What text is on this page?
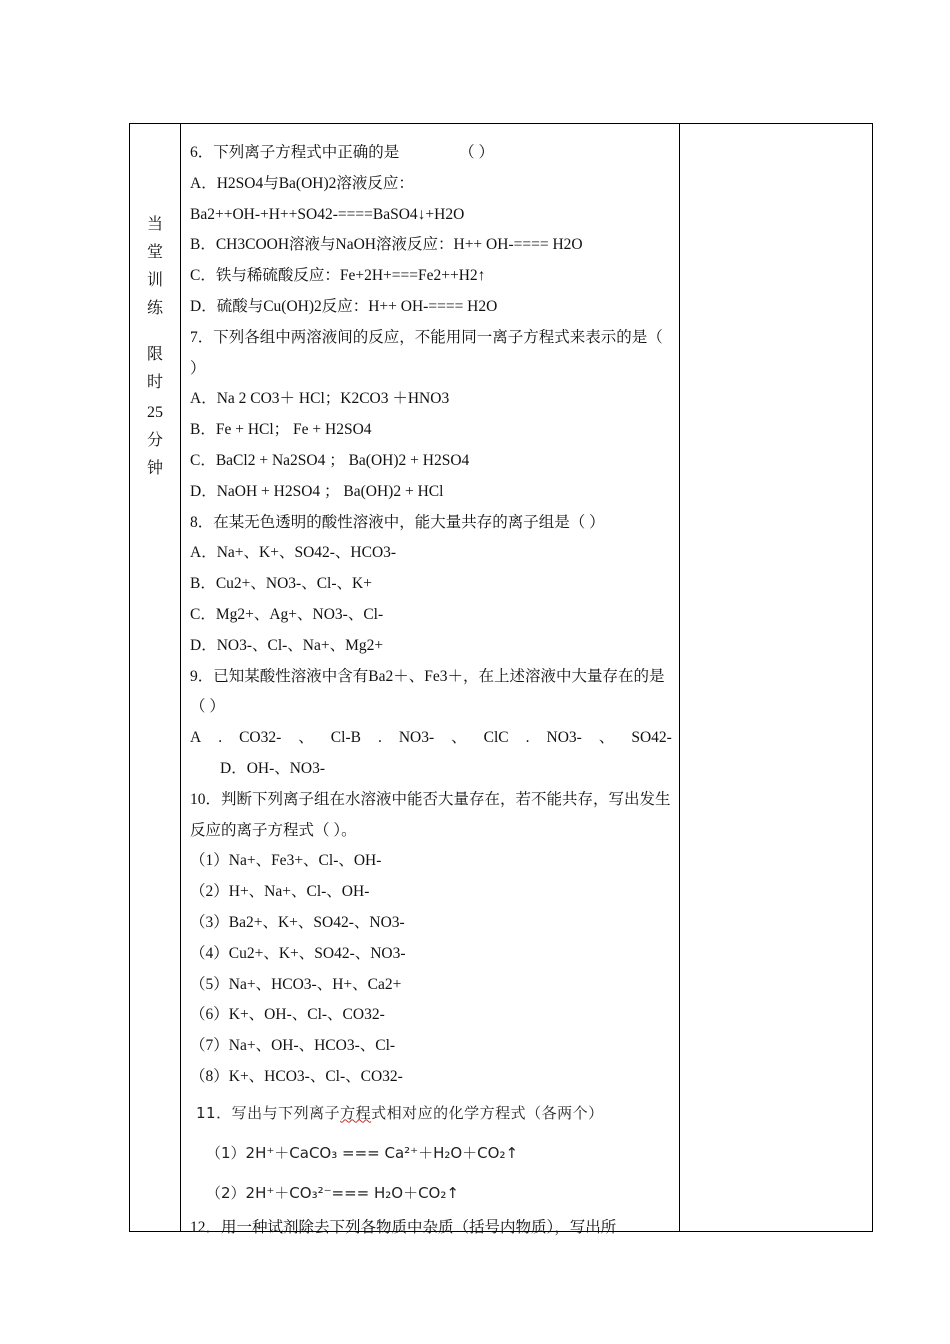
当
堂
训
练
限
时
25
分
钟
6．下列离子方程式中正确的是	（ ）
A．H2SO4与Ba(OH)2溶液反应：
Ba2++OH-+H++SO42-====BaSO4↓+H2O
B．CH3COOH溶液与NaOH溶液反应：H++ OH-==== H2O
C．铁与稀硫酸反应：Fe+2H+===Fe2++H2↑
D．硫酸与Cu(OH)2反应：H++ OH-==== H2O
7．下列各组中两溶液间的反应，不能用同一离子方程式来表示的是（ ）
A．Na 2 CO3＋ HCl；K2CO3 ＋HNO3
B．Fe + HCl； Fe + H2SO4
C．BaCl2 + Na2SO4 ； Ba(OH)2 + H2SO4
D．NaOH + H2SO4 ； Ba(OH)2 + HCl
8．在某无色透明的酸性溶液中，能大量共存的离子组是（ ）
A．Na+、K+、SO42-、HCO3-
B．Cu2+、NO3-、Cl-、K+
C．Mg2+、Ag+、NO3-、Cl-
D．NO3-、Cl-、Na+、Mg2+
9．已知某酸性溶液中含有Ba2＋、Fe3＋，在上述溶液中大量存在的是（ ）
A . CO32- 、 Cl-B . NO3- 、 ClC . NO3- 、 SO42-
D．OH-、NO3-
10．判断下列离子组在水溶液中能否大量存在，若不能共存，写出发生反应的离子方程式（ ）。
（1）Na+、Fe3+、Cl-、OH-
（2）H+、Na+、Cl-、OH-
（3）Ba2+、K+、SO42-、NO3-
（4）Cu2+、K+、SO42-、NO3-
（5）Na+、HCO3-、H+、Ca2+
（6）K+、OH-、Cl-、CO32-
（7）Na+、OH-、HCO3-、Cl-
（8）K+、HCO3-、Cl-、CO32-
11．写出与下列离子方程式相对应的化学方程式（各两个）
（1）2H⁺＋CaCO₃ === Ca²⁺＋H₂O＋CO₂↑
（2）2H⁺＋CO₃²⁻=== H₂O＋CO₂↑
12．用一种试剂除去下列各物质中杂质（括号内物质），写出所
